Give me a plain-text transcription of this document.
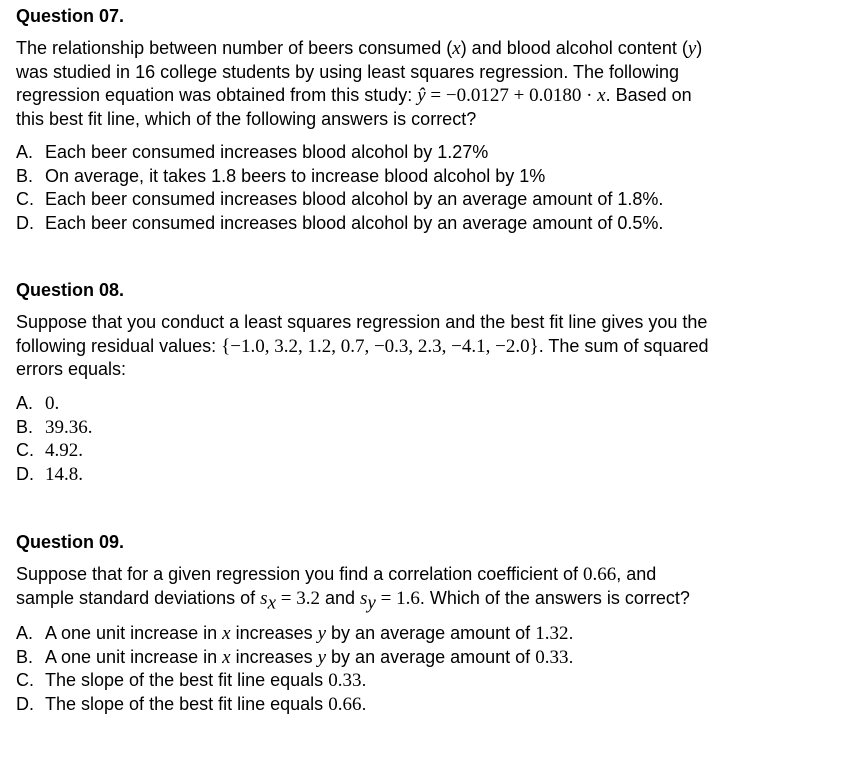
Question 07.
The relationship between number of beers consumed (x) and blood alcohol content (y)
was studied in 16 college students by using least squares regression. The following
regression equation was obtained from this study: ŷ = −0.0127 + 0.0180 · x. Based on
this best fit line, which of the following answers is correct?
A. Each beer consumed increases blood alcohol by 1.27%
B. On average, it takes 1.8 beers to increase blood alcohol by 1%
C. Each beer consumed increases blood alcohol by an average amount of 1.8%.
D. Each beer consumed increases blood alcohol by an average amount of 0.5%.
Question 08.
Suppose that you conduct a least squares regression and the best fit line gives you the
following residual values: {−1.0, 3.2, 1.2, 0.7, −0.3, 2.3, −4.1, −2.0}. The sum of squared
errors equals:
A. 0.
B. 39.36.
C. 4.92.
D. 14.8.
Question 09.
Suppose that for a given regression you find a correlation coefficient of 0.66, and
sample standard deviations of $s_x = 3.2$ and $s_y = 1.6$. Which of the answers is correct?
A. A one unit increase in x increases y by an average amount of 1.32.
B. A one unit increase in x increases y by an average amount of 0.33.
C. The slope of the best fit line equals 0.33.
D. The slope of the best fit line equals 0.66.
